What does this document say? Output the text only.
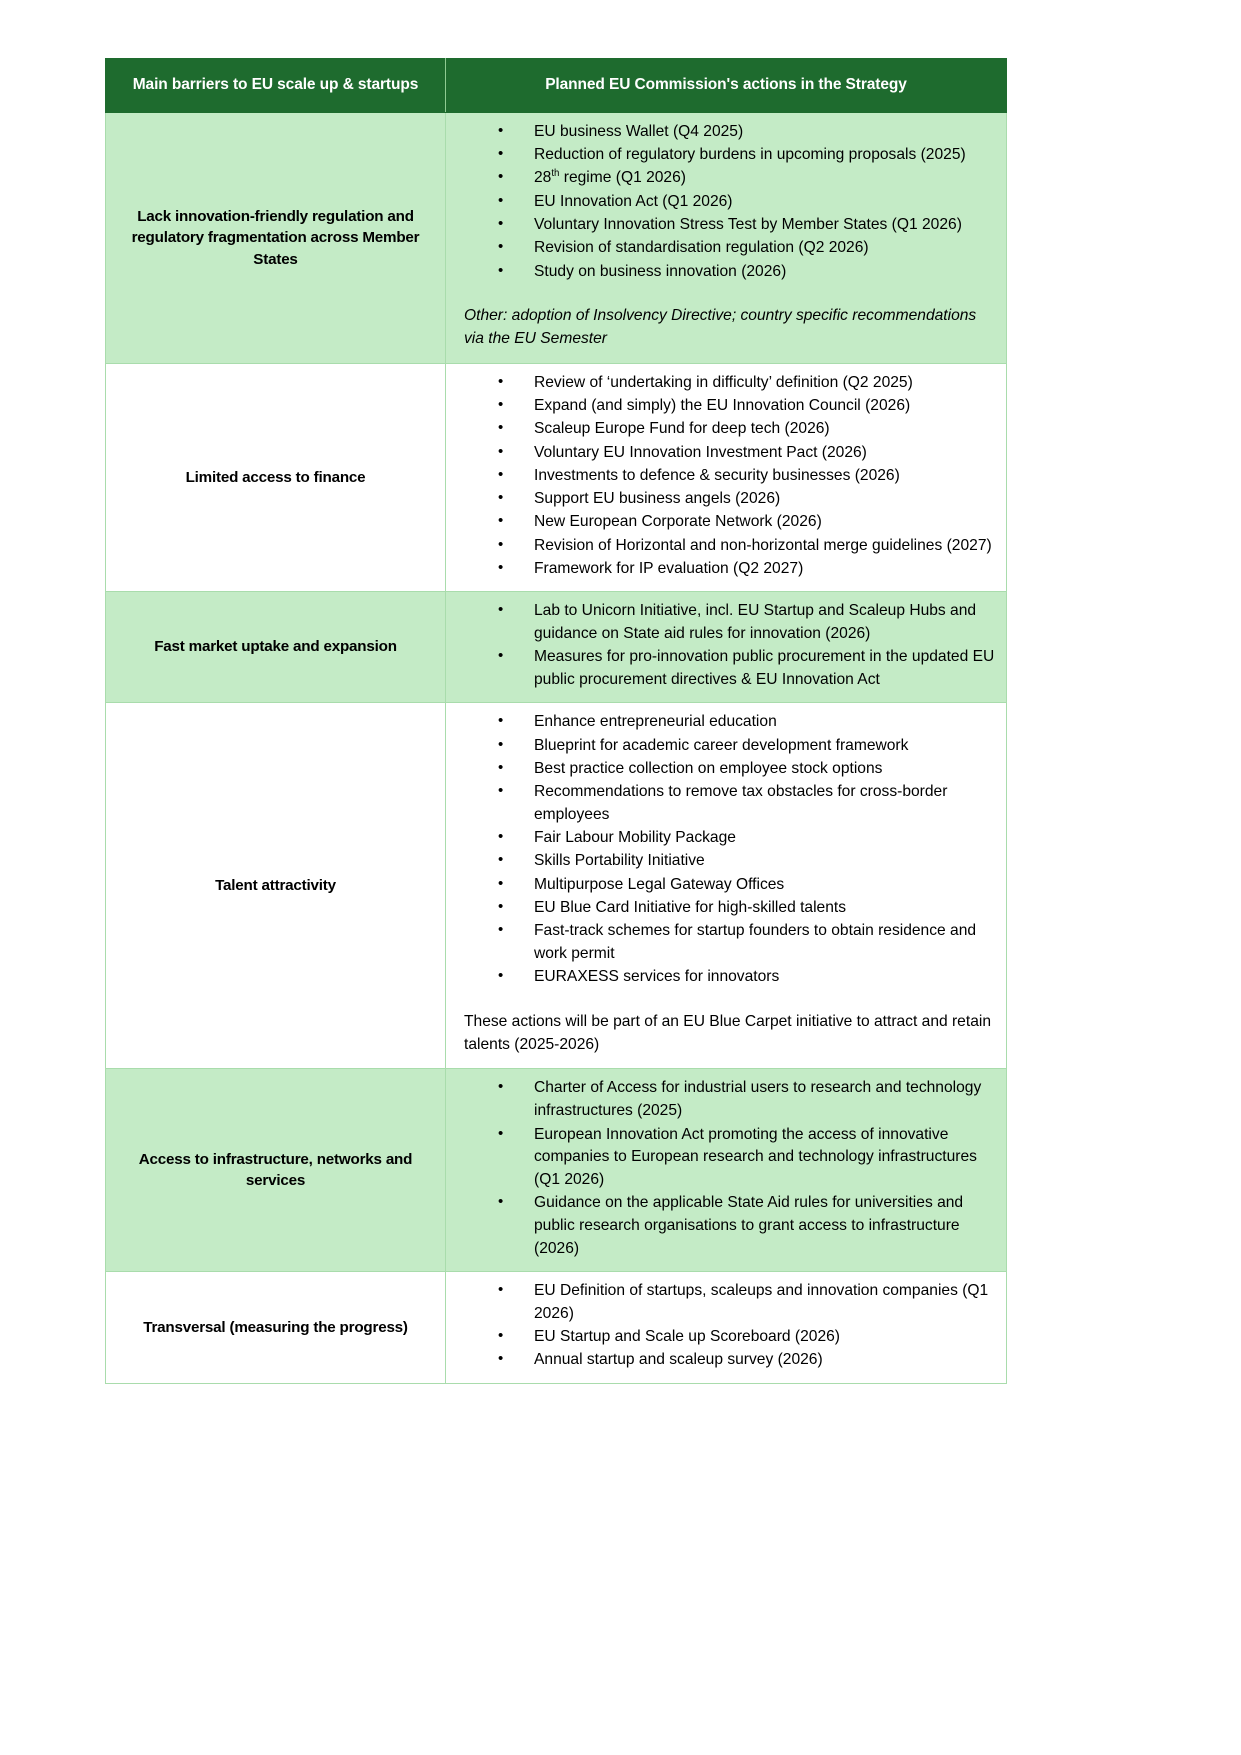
Main barriers to EU scale up & startups	Planned EU Commission's actions in the Strategy
Lack innovation-friendly regulation and regulatory fragmentation across Member States	
• EU business Wallet (Q4 2025)
• Reduction of regulatory burdens in upcoming proposals (2025)
• 28th regime (Q1 2026)
• EU Innovation Act (Q1 2026)
• Voluntary Innovation Stress Test by Member States (Q1 2026)
• Revision of standardisation regulation (Q2 2026)
• Study on business innovation (2026)
Other: adoption of Insolvency Directive; country specific recommendations via the EU Semester

Limited access to finance	
• Review of ‘undertaking in difficulty’ definition (Q2 2025)
• Expand (and simply) the EU Innovation Council (2026)
• Scaleup Europe Fund for deep tech (2026)
• Voluntary EU Innovation Investment Pact (2026)
• Investments to defence & security businesses (2026)
• Support EU business angels (2026)
• New European Corporate Network (2026)
• Revision of Horizontal and non-horizontal merge guidelines (2027)
• Framework for IP evaluation (Q2 2027)

Fast market uptake and expansion	
• Lab to Unicorn Initiative, incl. EU Startup and Scaleup Hubs and guidance on State aid rules for innovation (2026)
• Measures for pro-innovation public procurement in the updated EU public procurement directives & EU Innovation Act

Talent attractivity	
• Enhance entrepreneurial education
• Blueprint for academic career development framework
• Best practice collection on employee stock options
• Recommendations to remove tax obstacles for cross-border employees
• Fair Labour Mobility Package
• Skills Portability Initiative
• Multipurpose Legal Gateway Offices
• EU Blue Card Initiative for high-skilled talents
• Fast-track schemes for startup founders to obtain residence and work permit
• EURAXESS services for innovators
These actions will be part of an EU Blue Carpet initiative to attract and retain talents (2025-2026)

Access to infrastructure, networks and services	
• Charter of Access for industrial users to research and technology infrastructures (2025)
• European Innovation Act promoting the access of innovative companies to European research and technology infrastructures (Q1 2026)
• Guidance on the applicable State Aid rules for universities and public research organisations to grant access to infrastructure (2026)

Transversal (measuring the progress)	
• EU Definition of startups, scaleups and innovation companies (Q1 2026)
• EU Startup and Scale up Scoreboard (2026)
• Annual startup and scaleup survey (2026)
